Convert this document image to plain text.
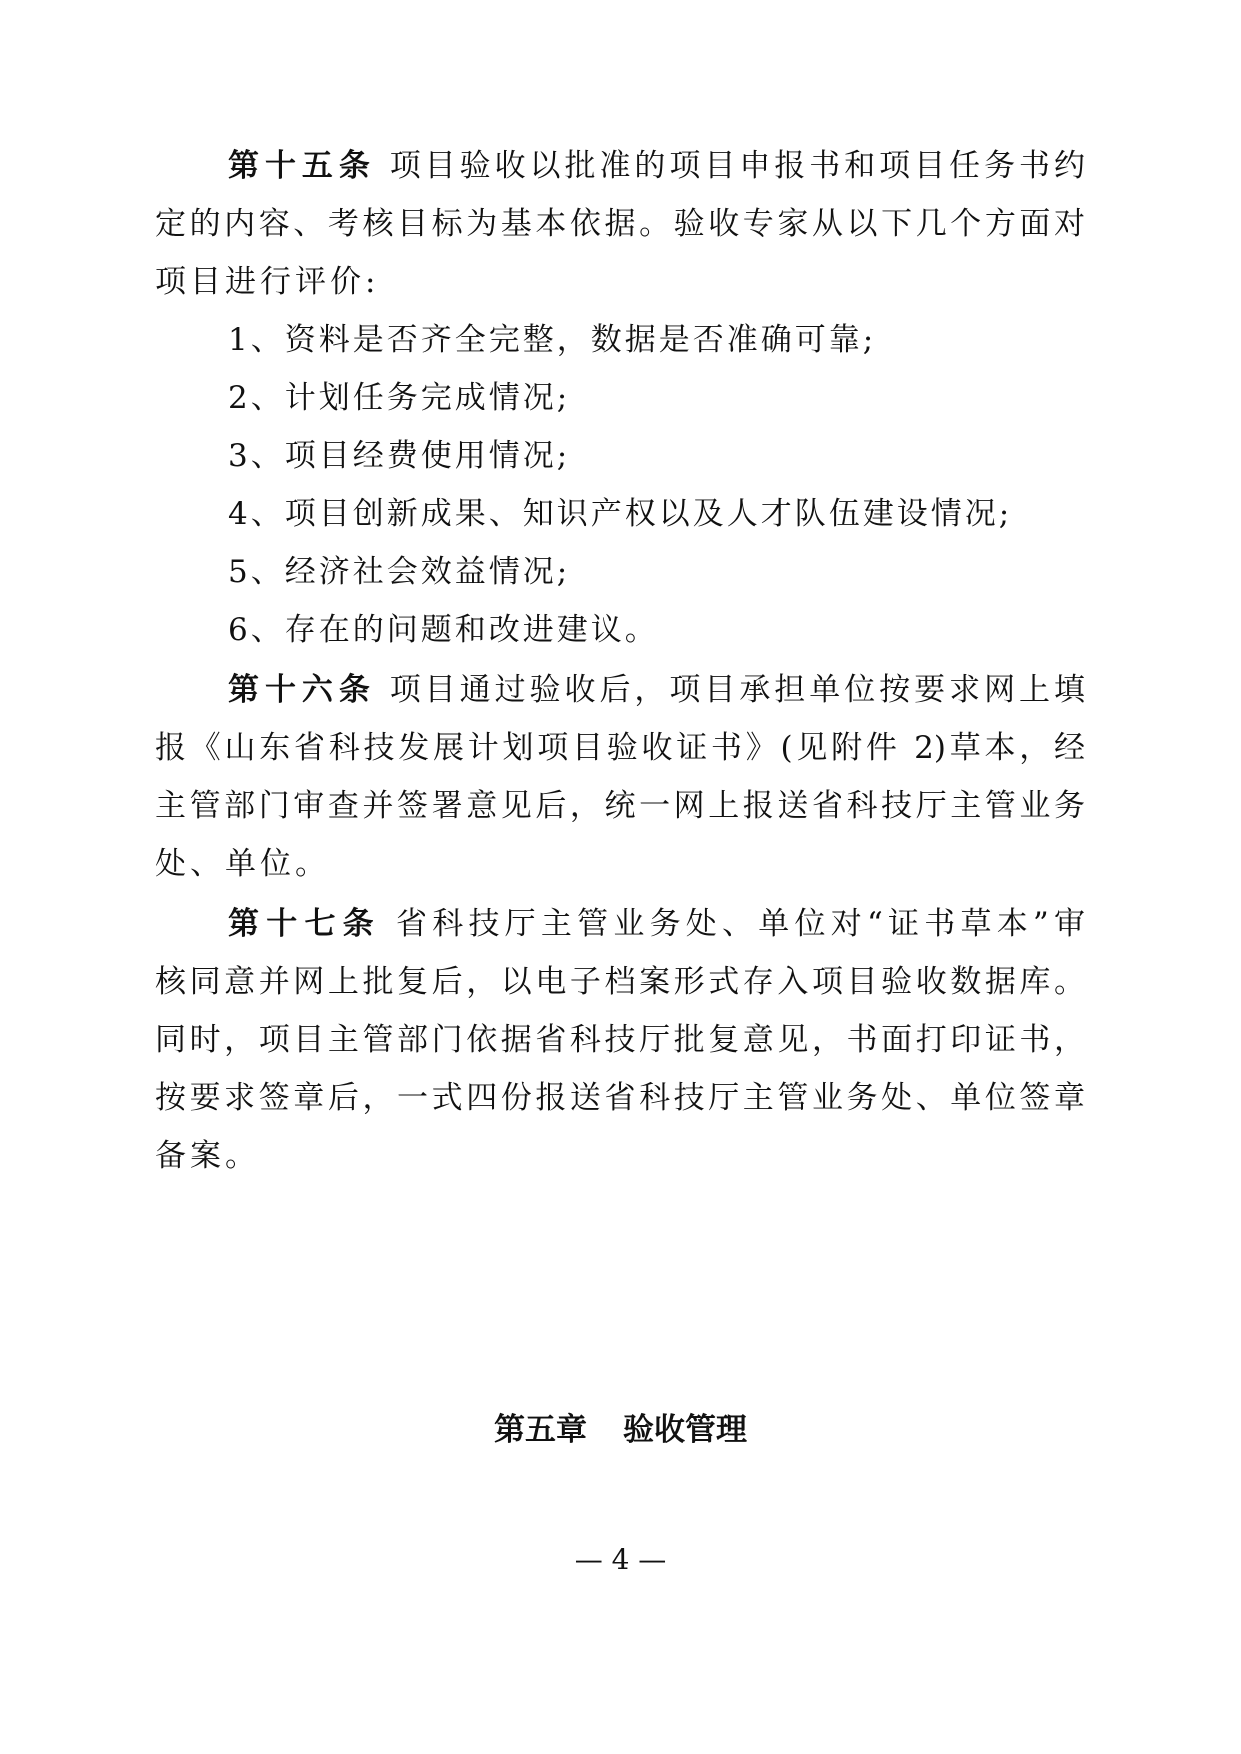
第十五条 项目验收以批准的项目申报书和项目任务书约
定的内容、考核目标为基本依据。验收专家从以下几个方面对
项目进行评价:
1、资料是否齐全完整，数据是否准确可靠;
2、计划任务完成情况;
3、项目经费使用情况;
4、项目创新成果、知识产权以及人才队伍建设情况;
5、经济社会效益情况;
6、存在的问题和改进建议。
第十六条 项目通过验收后，项目承担单位按要求网上填
报《山东省科技发展计划项目验收证书》(见附件 2)草本，经
主管部门审查并签署意见后，统一网上报送省科技厅主管业务
处、单位。
第十七条 省科技厅主管业务处、单位对“证书草本”审
核同意并网上批复后，以电子档案形式存入项目验收数据库。
同时，项目主管部门依据省科技厅批复意见，书面打印证书，
按要求签章后，一式四份报送省科技厅主管业务处、单位签章
备案。
第五章 验收管理
— 4 —
